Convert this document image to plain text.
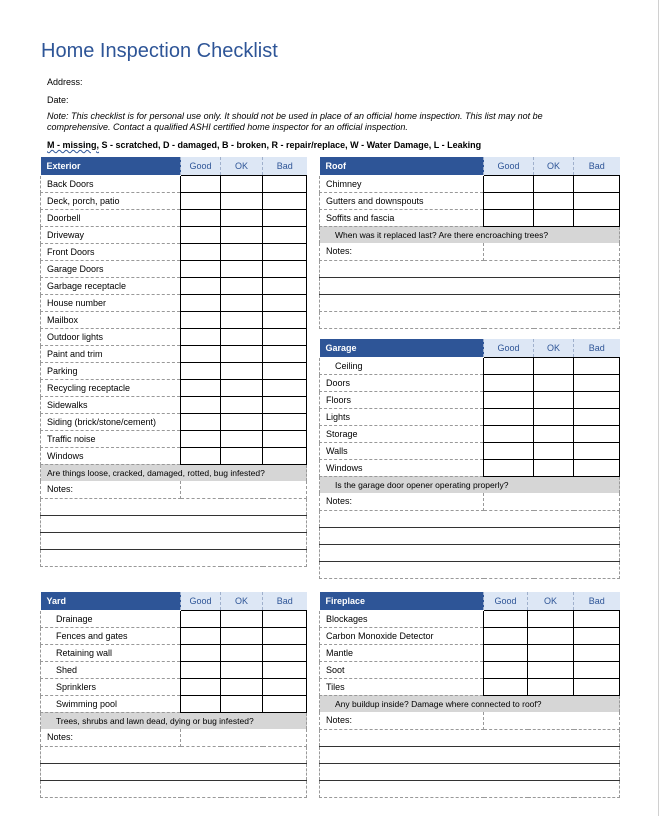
Home Inspection Checklist
Address:
Date:
Note: This checklist is for personal use only. It should not be used in place of an official home inspection. This list may not be comprehensive. Contact a qualified ASHI certified home inspector for an official inspection.
M - missing, S - scratched, D - damaged, B - broken, R - repair/replace, W - Water Damage, L - Leaking
Exterior	Good	OK	Bad
Back Doors			
Deck, porch, patio			
Doorbell			
Driveway			
Front Doors			
Garage Doors			
Garbage receptacle			
House number			
Mailbox			
Outdoor lights			
Paint and trim			
Parking			
Recycling receptacle			
Sidewalks			
Siding (brick/stone/cement)			
Traffic noise			
Windows			
Are things loose, cracked, damaged, rotted, bug infested?			
Notes:			

Roof	Good	OK	Bad
Chimney			
Gutters and downspouts			
Soffits and fascia			
When was it replaced last? Are there encroaching trees?			
Notes:			

Garage	Good	OK	Bad
Ceiling			
Doors			
Floors			
Lights			
Storage			
Walls			
Windows			
Is the garage door opener operating properly?			
Notes:			

Yard	Good	OK	Bad
Drainage			
Fences and gates			
Retaining wall			
Shed			
Sprinklers			
Swimming pool			
Trees, shrubs and lawn dead, dying or bug infested?			
Notes:			

Fireplace	Good	OK	Bad
Blockages			
Carbon Monoxide Detector			
Mantle			
Soot			
Tiles			
Any buildup inside? Damage where connected to roof?			
Notes:			
